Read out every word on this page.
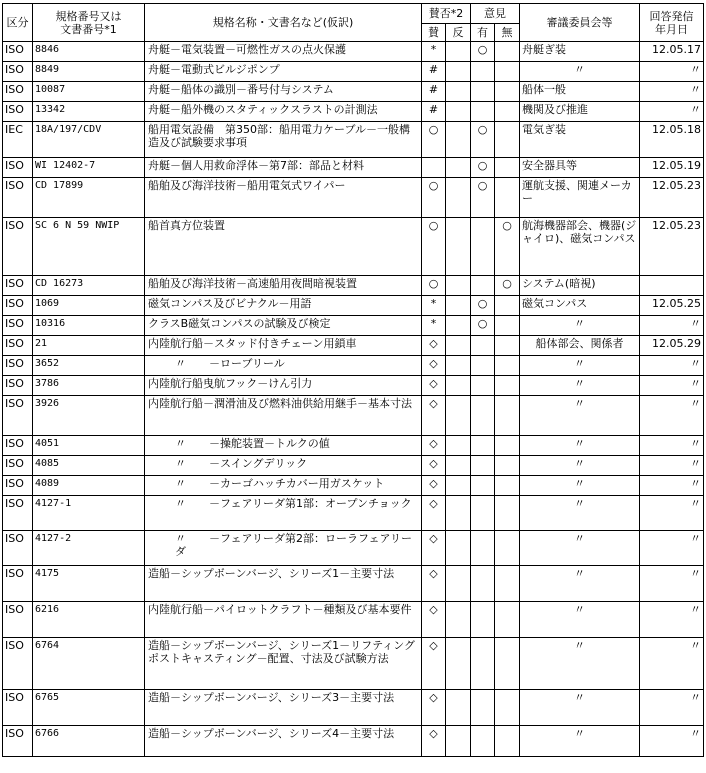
区分	規格番号又は
文書番号*1	規格名称・文書名など(仮訳)	賛否*2		意見		審議委員会等	回答発信
年月日
			賛	反	有	無		
ISO	8846	舟艇－電気装置－可燃性ガスの点火保護	*		○		舟艇ぎ装	12.05.17
ISO	8849	舟艇－電動式ビルジポンプ	#				〃	〃
ISO	10087	舟艇－船体の識別－番号付与システム	#				船体一般	〃
ISO	13342	舟艇－船外機のスタティックスラストの計測法	#				機関及び推進	〃
IEC	18A/197/CDV	船用電気設備　第350部：船用電力ケーブル－一般構造及び試験要求事項	○		○		電気ぎ装	12.05.18
ISO	WI 12402-7	舟艇－個人用救命浮体－第7部：部品と材料			○		安全器具等	12.05.19
ISO	CD 17899	船舶及び海洋技術－船用電気式ワイパー	○		○		運航支援、関連メーカー	12.05.23
ISO	SC 6 N 59 NWIP	船首真方位装置	○			○	航海機器部会、機器(ジャイロ)、磁気コンパス	12.05.23
ISO	CD 16273	船舶及び海洋技術－高速船用夜間暗視装置	○			○	システム(暗視)	
ISO	1069	磁気コンパス及びビナクル－用語	*		○		磁気コンパス	12.05.25
ISO	10316	クラスB磁気コンパスの試験及び検定	*		○		〃	〃
ISO	21	内陸航行船－スタッド付きチェーン用鎖車	◇				船体部会、関係者	12.05.29
ISO	3652	〃 －ローブリール	◇				〃	〃
ISO	3786	内陸航行船曳航フック－けん引力	◇				〃	〃
ISO	3926	内陸航行船－潤滑油及び燃料油供給用継手－基本寸法	◇				〃	〃
ISO	4051	〃 －操舵装置－トルクの値	◇				〃	〃
ISO	4085	〃 －スイングデリック	◇				〃	〃
ISO	4089	〃 －カーゴハッチカバー用ガスケット	◇				〃	〃
ISO	4127-1	〃 －フェアリーダ第1部：オープンチョック	◇				〃	〃
ISO	4127-2	〃 －フェアリーダ第2部：ローラフェアリーダ	◇				〃	〃
ISO	4175	造船－シップボーンバージ、シリーズ1－主要寸法	◇				〃	〃
ISO	6216	内陸航行船－パイロットクラフト－種類及び基本要件	◇				〃	〃
ISO	6764	造船－シップボーンバージ、シリーズ1－リフティングポストキャスティング－配置、寸法及び試験方法	◇				〃	〃
ISO	6765	造船－シップボーンバージ、シリーズ3－主要寸法	◇				〃	〃
ISO	6766	造船－シップボーンバージ、シリーズ4－主要寸法	◇				〃	〃
